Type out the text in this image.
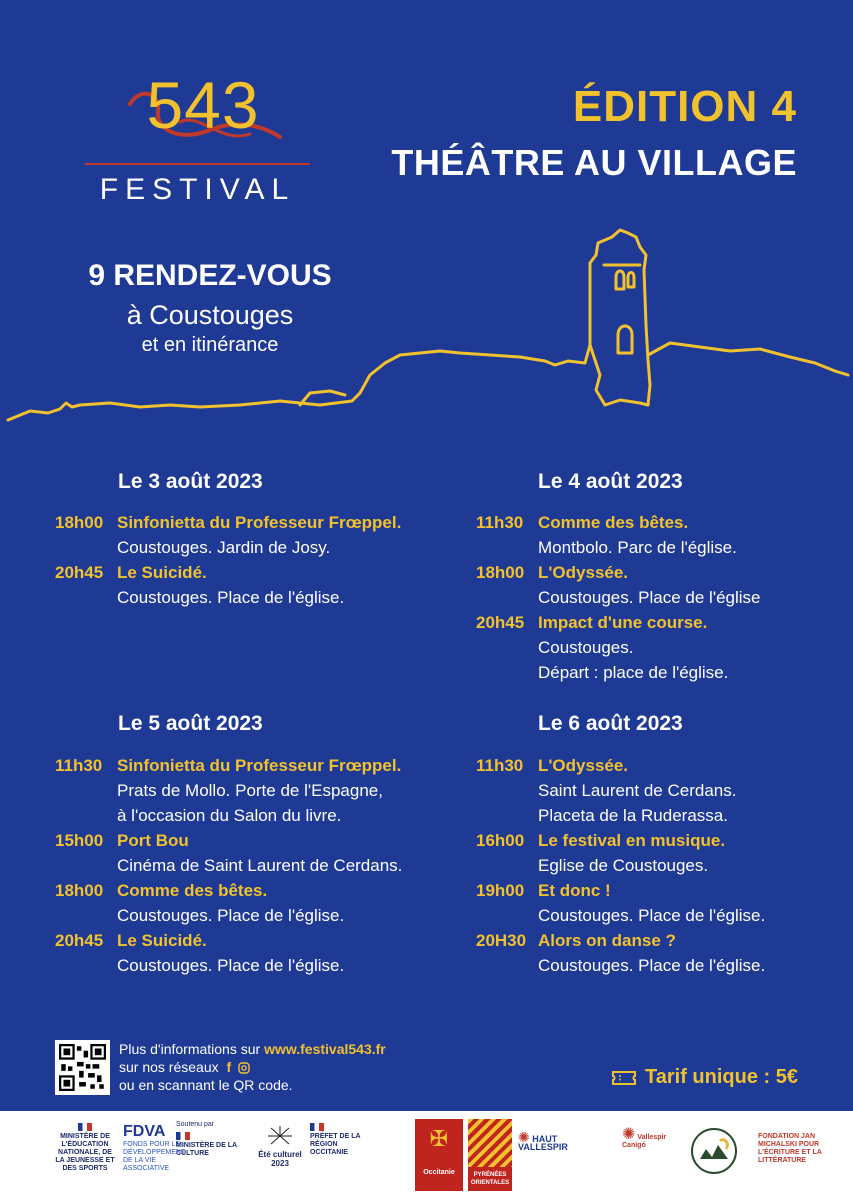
543
FESTIVAL
ÉDITION 4
THÉÂTRE AU VILLAGE
9 RENDEZ-VOUS
à Coustouges
et en itinérance
Le 3 août 2023
18h00 Sinfonietta du Professeur Frœppel.
Coustouges. Jardin de Josy.
20h45 Le Suicidé.
Coustouges. Place de l'église.
Le 4 août 2023
11h30 Comme des bêtes.
Montbolo. Parc de l'église.
18h00 L'Odyssée.
Coustouges. Place de l'église
20h45 Impact d'une course.
Coustouges.
Départ : place de l'église.
Le 5 août 2023
11h30 Sinfonietta du Professeur Frœppel.
Prats de Mollo. Porte de l'Espagne,
à l'occasion du Salon du livre.
15h00 Port Bou
Cinéma de Saint Laurent de Cerdans.
18h00 Comme des bêtes.
Coustouges. Place de l'église.
20h45 Le Suicidé.
Coustouges. Place de l'église.
Le 6 août 2023
11h30 L'Odyssée.
Saint Laurent de Cerdans.
Placeta de la Ruderassa.
16h00 Le festival en musique.
Eglise de Coustouges.
19h00 Et donc !
Coustouges. Place de l'église.
20H30 Alors on danse ?
Coustouges. Place de l'église.
Plus d'informations sur www.festival543.fr
sur nos réseaux f
ou en scannant le QR code.	Tarif unique : 5€
MINISTÈRE DE L'ÉDUCATION NATIONALE, DE LA JEUNESSE ET DES SPORTS
FDVA
FONDS POUR LE DÉVELOPPEMENT DE LA VIE ASSOCIATIVE
Soutenu par
MINISTÈRE DE LA CULTURE	Été culturel 2023
PRÉFET DE LA RÉGION OCCITANIE
✠
Occitanie	PYRÉNÉES ORIENTALES
✺ HAUT VALLESPIR
✺ Vallespir Canigó
FONDATION JAN MICHALSKI POUR L'ÉCRITURE ET LA LITTÉRATURE
